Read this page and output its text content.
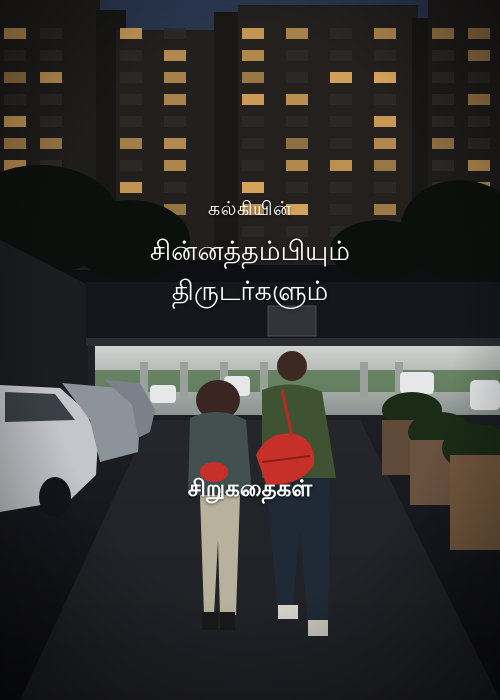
கல்கியின்
சின்னத்தம்பியும்
திருடர்களும்
சிறுகதைகள்
